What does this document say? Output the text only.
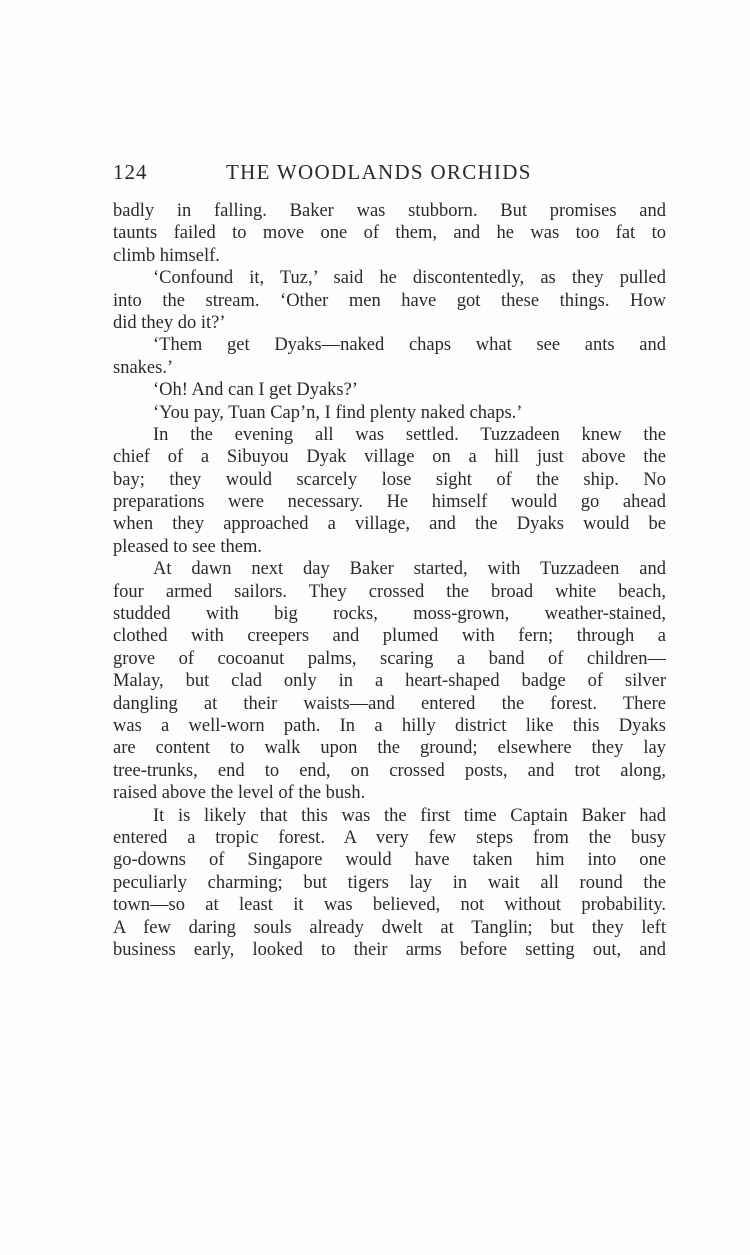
124	THE WOODLANDS ORCHIDS
badly in falling. Baker was stubborn. But promises and
taunts failed to move one of them, and he was too fat to
climb himself.
‘Confound it, Tuz,’ said he discontentedly, as they pulled
into the stream. ‘Other men have got these things. How
did they do it?’
‘Them get Dyaks—naked chaps what see ants and
snakes.’
‘Oh! And can I get Dyaks?’
‘You pay, Tuan Cap’n, I find plenty naked chaps.’
In the evening all was settled. Tuzzadeen knew the
chief of a Sibuyou Dyak village on a hill just above the
bay; they would scarcely lose sight of the ship. No
preparations were necessary. He himself would go ahead
when they approached a village, and the Dyaks would be
pleased to see them.
At dawn next day Baker started, with Tuzzadeen and
four armed sailors. They crossed the broad white beach,
studded with big rocks, moss-grown, weather-stained,
clothed with creepers and plumed with fern; through a
grove of cocoanut palms, scaring a band of children—
Malay, but clad only in a heart-shaped badge of silver
dangling at their waists—and entered the forest. There
was a well-worn path. In a hilly district like this Dyaks
are content to walk upon the ground; elsewhere they lay
tree-trunks, end to end, on crossed posts, and trot along,
raised above the level of the bush.
It is likely that this was the first time Captain Baker had
entered a tropic forest. A very few steps from the busy
go-downs of Singapore would have taken him into one
peculiarly charming; but tigers lay in wait all round the
town—so at least it was believed, not without probability.
A few daring souls already dwelt at Tanglin; but they left
business early, looked to their arms before setting out, and
